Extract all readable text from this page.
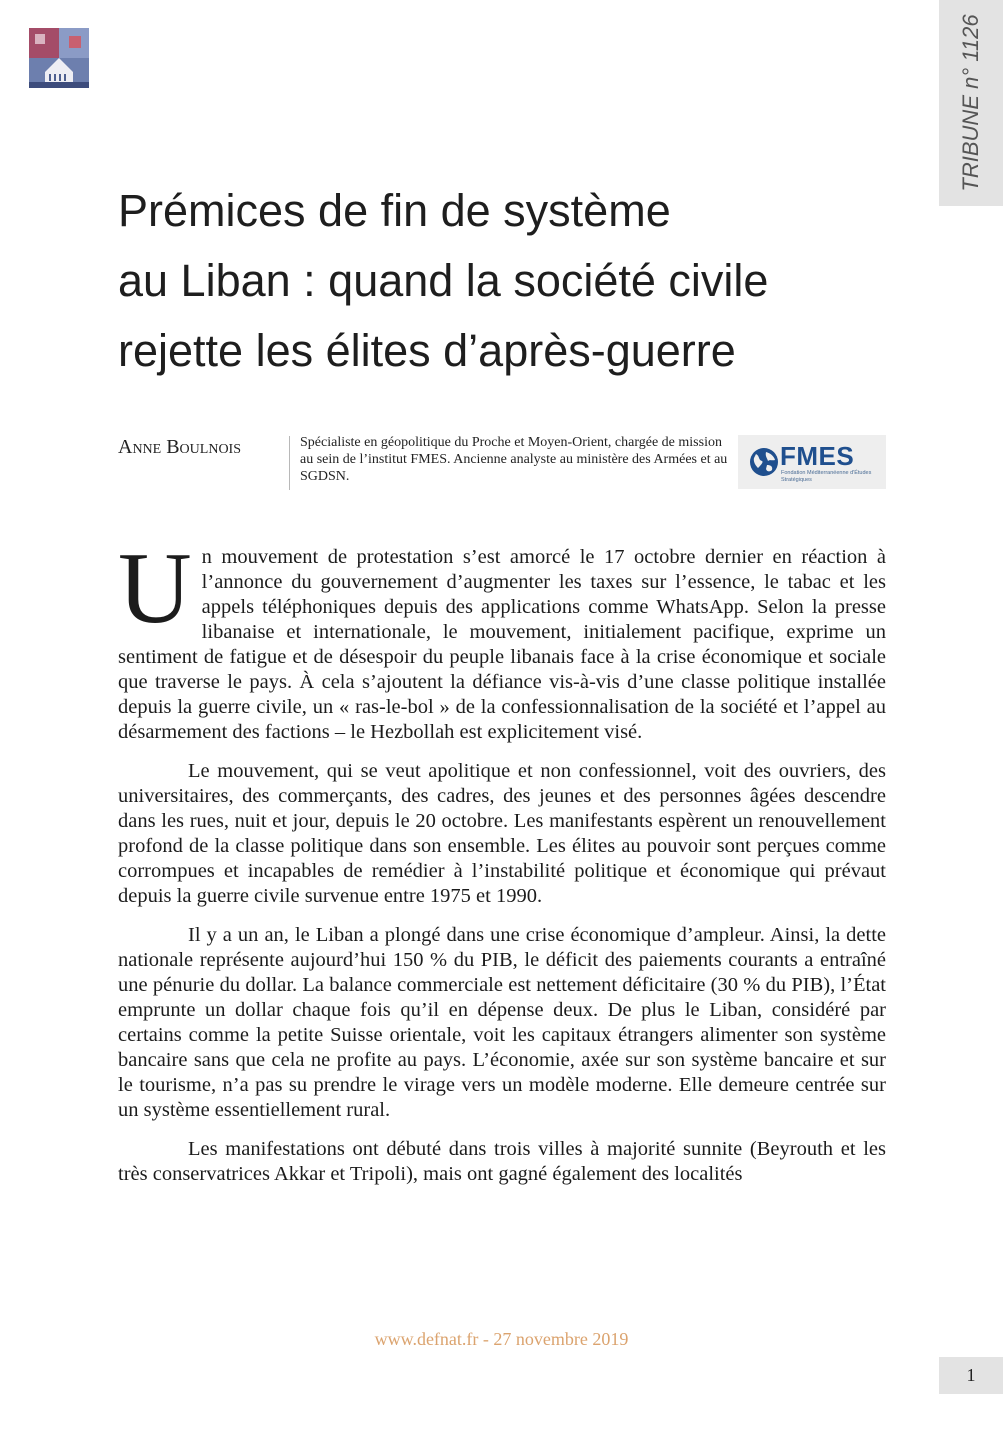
TRIBUNE n° 1126
Prémices de fin de système
au Liban : quand la société civile
rejette les élites d’après-guerre
Anne Boulnois	Spécialiste en géopolitique du Proche et Moyen-Orient, chargée de mission au sein de l’institut FMES. Ancienne analyste au ministère des Armées et au SGDSN.
FMES
Fondation Méditerranéenne d'Études Stratégiques

Un mouvement de protestation s’est amorcé le 17 octobre dernier en réaction à l’annonce du gouvernement d’augmenter les taxes sur l’essence, le tabac et les appels téléphoniques depuis des applications comme WhatsApp. Selon la presse libanaise et internationale, le mouvement, initialement pacifique, exprime un sentiment de fatigue et de désespoir du peuple libanais face à la crise économique et sociale que traverse le pays. À cela s’ajoutent la défiance vis-à-vis d’une classe politique installée depuis la guerre civile, un « ras-le-bol » de la confessionnalisation de la société et l’appel au désarmement des factions – le Hezbollah est explicitement visé.

Le mouvement, qui se veut apolitique et non confessionnel, voit des ouvriers, des universitaires, des commerçants, des cadres, des jeunes et des personnes âgées descendre dans les rues, nuit et jour, depuis le 20 octobre. Les manifestants espèrent un renouvellement profond de la classe politique dans son ensemble. Les élites au pouvoir sont perçues comme corrompues et incapables de remédier à l’instabilité politique et économique qui prévaut depuis la guerre civile survenue entre 1975 et 1990.

Il y a un an, le Liban a plongé dans une crise économique d’ampleur. Ainsi, la dette nationale représente aujourd’hui 150 % du PIB, le déficit des paiements courants a entraîné une pénurie du dollar. La balance commerciale est nettement déficitaire (30 % du PIB), l’État emprunte un dollar chaque fois qu’il en dépense deux. De plus le Liban, considéré par certains comme la petite Suisse orientale, voit les capitaux étrangers alimenter son système bancaire sans que cela ne profite au pays. L’économie, axée sur son système bancaire et sur le tourisme, n’a pas su prendre le virage vers un modèle moderne. Elle demeure centrée sur un système essentiellement rural.

Les manifestations ont débuté dans trois villes à majorité sunnite (Beyrouth et les très conservatrices Akkar et Tripoli), mais ont gagné également des localités

www.defnat.fr - 27 novembre 2019
1
